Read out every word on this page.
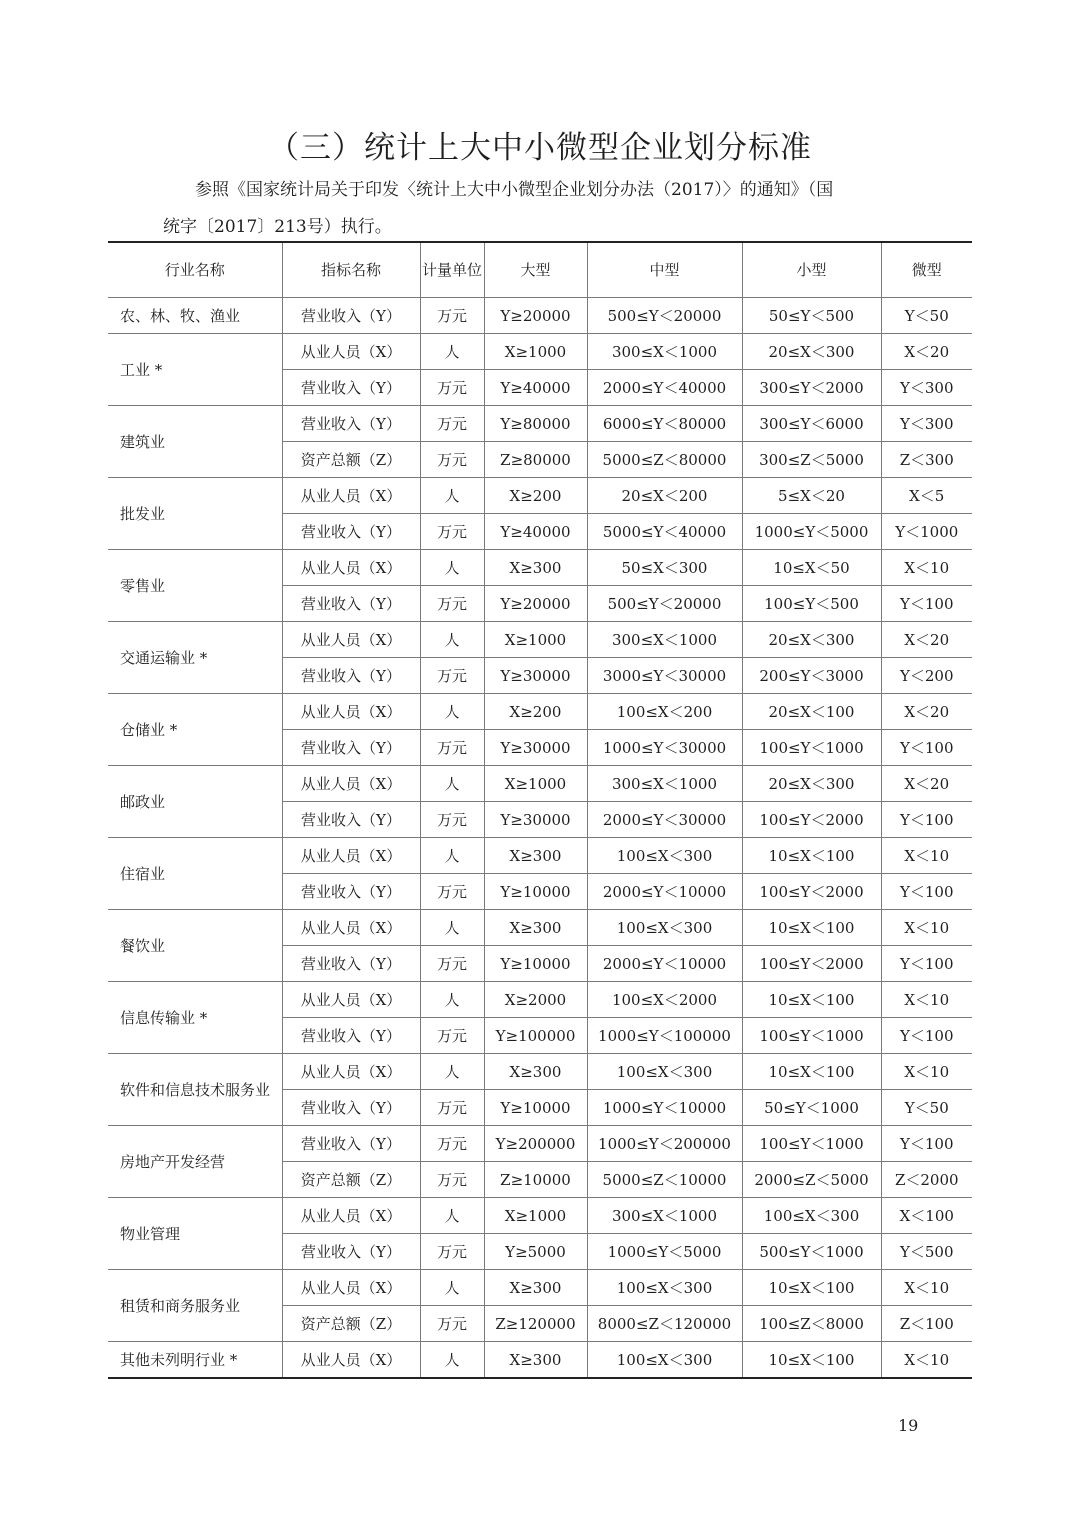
（三）统计上大中小微型企业划分标准
参照《国家统计局关于印发〈统计上大中小微型企业划分办法（2017）〉的通知》（国
统字〔2017〕213号）执行。
行业名称	指标名称	计量单位	大型	中型	小型	微型
农、林、牧、渔业	营业收入（Y）	万元	Y≥20000	500≤Y＜20000	50≤Y＜500	Y＜50
工业 *	从业人员（X）	人	X≥1000	300≤X＜1000	20≤X＜300	X＜20
	营业收入（Y）	万元	Y≥40000	2000≤Y＜40000	300≤Y＜2000	Y＜300
建筑业	营业收入（Y）	万元	Y≥80000	6000≤Y＜80000	300≤Y＜6000	Y＜300
	资产总额（Z）	万元	Z≥80000	5000≤Z＜80000	300≤Z＜5000	Z＜300
批发业	从业人员（X）	人	X≥200	20≤X＜200	5≤X＜20	X＜5
	营业收入（Y）	万元	Y≥40000	5000≤Y＜40000	1000≤Y＜5000	Y＜1000
零售业	从业人员（X）	人	X≥300	50≤X＜300	10≤X＜50	X＜10
	营业收入（Y）	万元	Y≥20000	500≤Y＜20000	100≤Y＜500	Y＜100
交通运输业 *	从业人员（X）	人	X≥1000	300≤X＜1000	20≤X＜300	X＜20
	营业收入（Y）	万元	Y≥30000	3000≤Y＜30000	200≤Y＜3000	Y＜200
仓储业 *	从业人员（X）	人	X≥200	100≤X＜200	20≤X＜100	X＜20
	营业收入（Y）	万元	Y≥30000	1000≤Y＜30000	100≤Y＜1000	Y＜100
邮政业	从业人员（X）	人	X≥1000	300≤X＜1000	20≤X＜300	X＜20
	营业收入（Y）	万元	Y≥30000	2000≤Y＜30000	100≤Y＜2000	Y＜100
住宿业	从业人员（X）	人	X≥300	100≤X＜300	10≤X＜100	X＜10
	营业收入（Y）	万元	Y≥10000	2000≤Y＜10000	100≤Y＜2000	Y＜100
餐饮业	从业人员（X）	人	X≥300	100≤X＜300	10≤X＜100	X＜10
	营业收入（Y）	万元	Y≥10000	2000≤Y＜10000	100≤Y＜2000	Y＜100
信息传输业 *	从业人员（X）	人	X≥2000	100≤X＜2000	10≤X＜100	X＜10
	营业收入（Y）	万元	Y≥100000	1000≤Y＜100000	100≤Y＜1000	Y＜100
软件和信息技术服务业	从业人员（X）	人	X≥300	100≤X＜300	10≤X＜100	X＜10
	营业收入（Y）	万元	Y≥10000	1000≤Y＜10000	50≤Y＜1000	Y＜50
房地产开发经营	营业收入（Y）	万元	Y≥200000	1000≤Y＜200000	100≤Y＜1000	Y＜100
	资产总额（Z）	万元	Z≥10000	5000≤Z＜10000	2000≤Z＜5000	Z＜2000
物业管理	从业人员（X）	人	X≥1000	300≤X＜1000	100≤X＜300	X＜100
	营业收入（Y）	万元	Y≥5000	1000≤Y＜5000	500≤Y＜1000	Y＜500
租赁和商务服务业	从业人员（X）	人	X≥300	100≤X＜300	10≤X＜100	X＜10
	资产总额（Z）	万元	Z≥120000	8000≤Z＜120000	100≤Z＜8000	Z＜100
其他未列明行业 *	从业人员（X）	人	X≥300	100≤X＜300	10≤X＜100	X＜10
19
